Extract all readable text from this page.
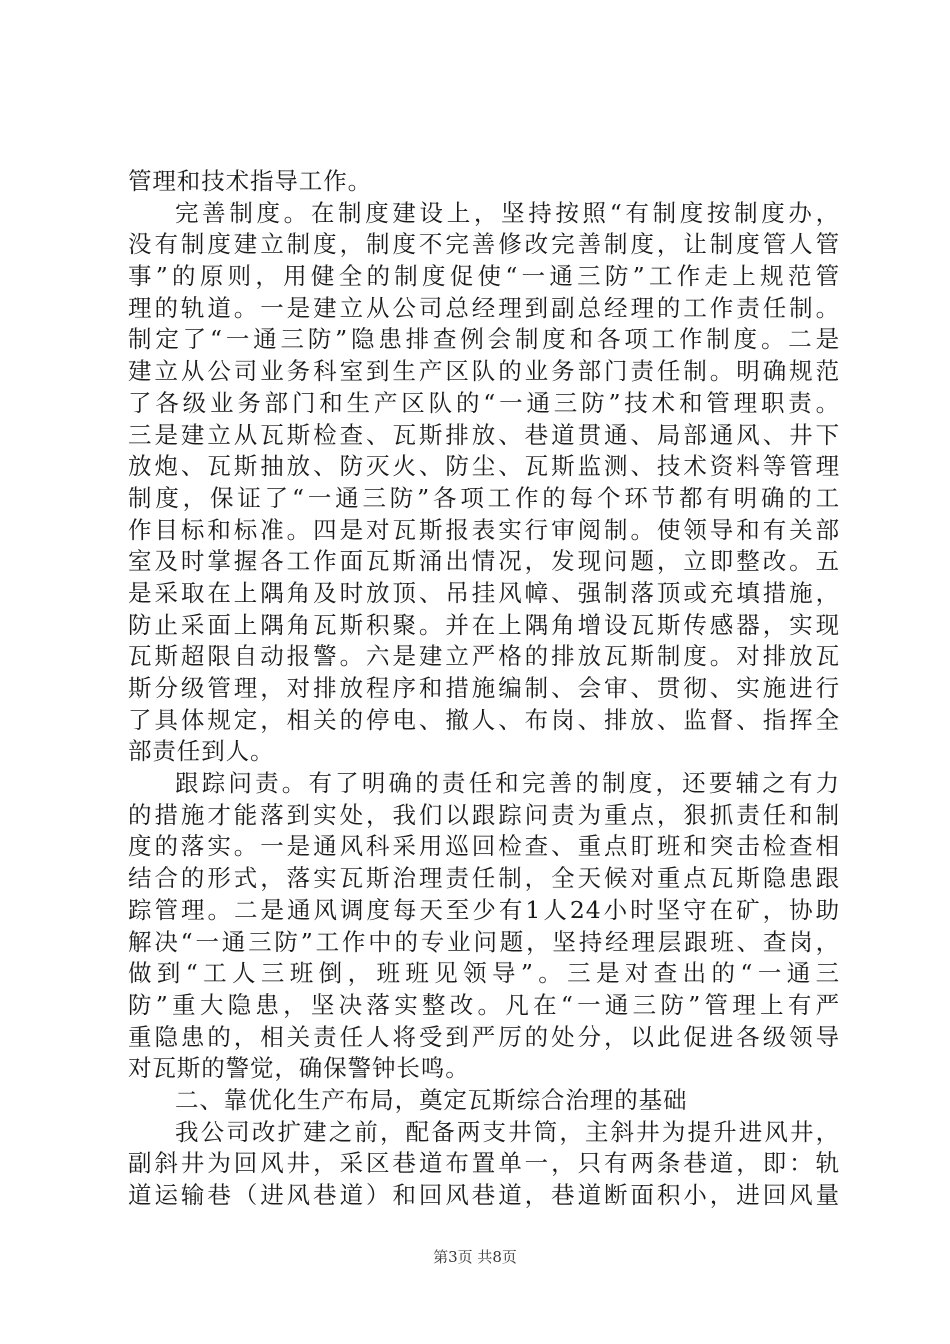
管理和技术指导工作。
完善制度。在制度建设上，坚持按照“有制度按制度办，
没有制度建立制度，制度不完善修改完善制度，让制度管人管
事”的原则，用健全的制度促使“一通三防”工作走上规范管
理的轨道。一是建立从公司总经理到副总经理的工作责任制。
制定了“一通三防”隐患排查例会制度和各项工作制度。二是
建立从公司业务科室到生产区队的业务部门责任制。明确规范
了各级业务部门和生产区队的“一通三防”技术和管理职责。
三是建立从瓦斯检查、瓦斯排放、巷道贯通、局部通风、井下
放炮、瓦斯抽放、防灭火、防尘、瓦斯监测、技术资料等管理
制度，保证了“一通三防”各项工作的每个环节都有明确的工
作目标和标准。四是对瓦斯报表实行审阅制。使领导和有关部
室及时掌握各工作面瓦斯涌出情况，发现问题，立即整改。五
是采取在上隅角及时放顶、吊挂风幛、强制落顶或充填措施，
防止采面上隅角瓦斯积聚。并在上隅角增设瓦斯传感器，实现
瓦斯超限自动报警。六是建立严格的排放瓦斯制度。对排放瓦
斯分级管理，对排放程序和措施编制、会审、贯彻、实施进行
了具体规定，相关的停电、撤人、布岗、排放、监督、指挥全
部责任到人。
跟踪问责。有了明确的责任和完善的制度，还要辅之有力
的措施才能落到实处，我们以跟踪问责为重点，狠抓责任和制
度的落实。一是通风科采用巡回检查、重点盯班和突击检查相
结合的形式，落实瓦斯治理责任制，全天候对重点瓦斯隐患跟
踪管理。二是通风调度每天至少有1人24小时坚守在矿，协助
解决“一通三防”工作中的专业问题，坚持经理层跟班、查岗，
做到“工人三班倒，班班见领导”。三是对查出的“一通三
防”重大隐患，坚决落实整改。凡在“一通三防”管理上有严
重隐患的，相关责任人将受到严厉的处分，以此促进各级领导
对瓦斯的警觉，确保警钟长鸣。
二、靠优化生产布局，奠定瓦斯综合治理的基础
我公司改扩建之前，配备两支井筒，主斜井为提升进风井，
副斜井为回风井，采区巷道布置单一，只有两条巷道，即：轨
道运输巷（进风巷道）和回风巷道，巷道断面积小，进回风量
第3页 共8页
